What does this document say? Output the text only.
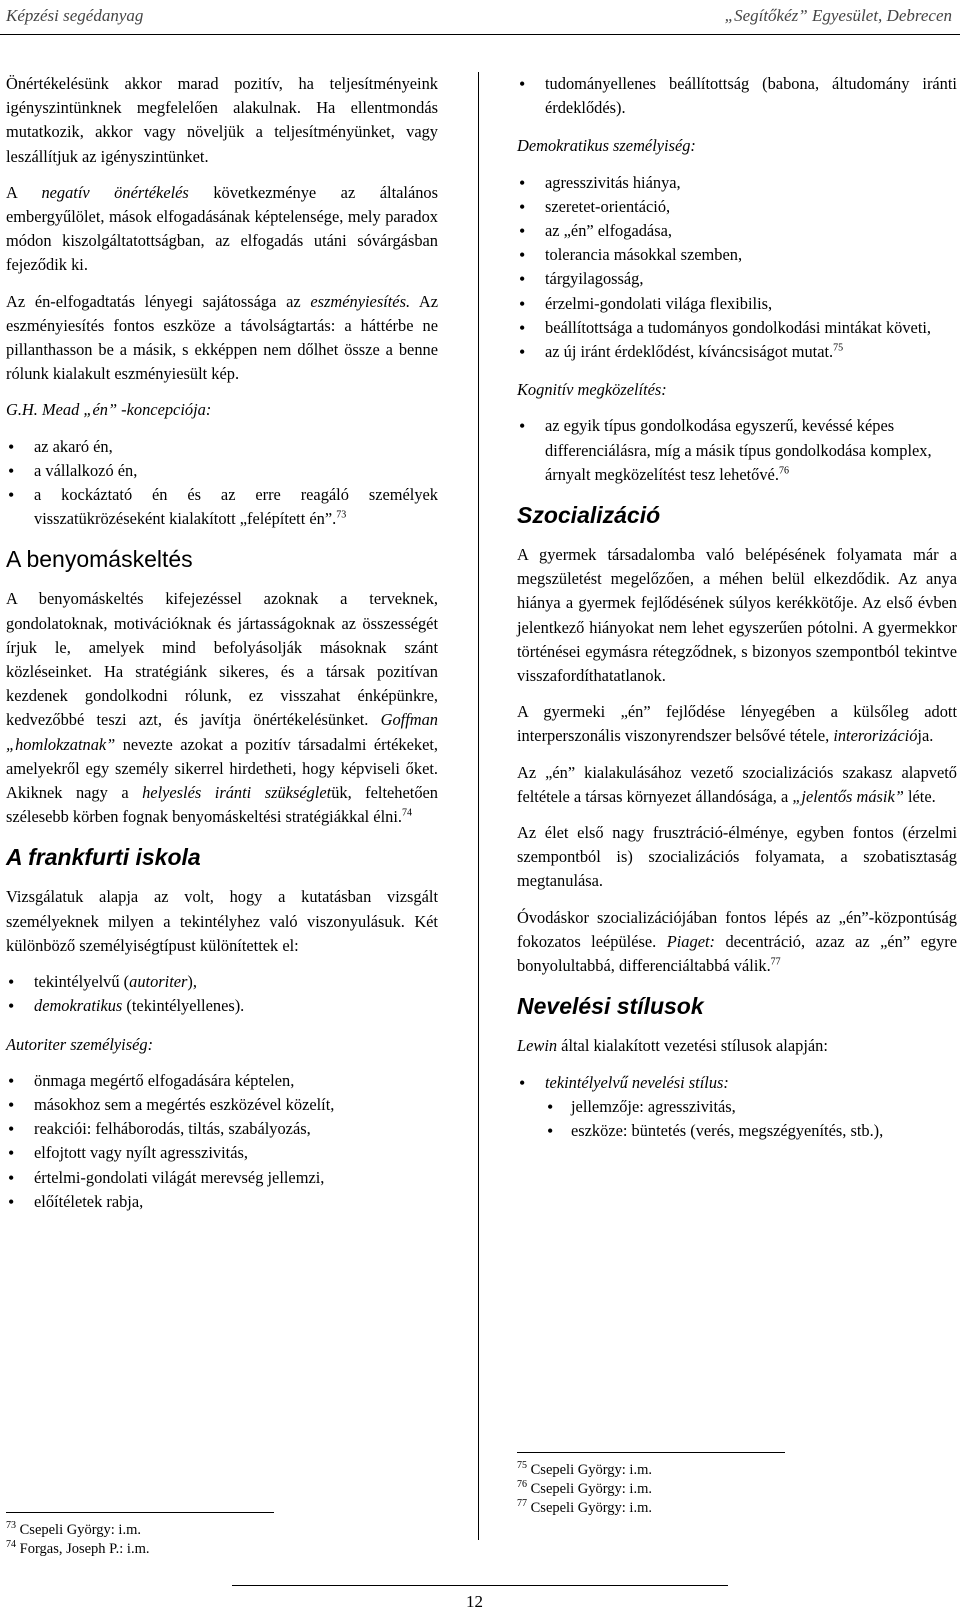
Képzési segédanyag	„Segítőkéz” Egyesület, Debrecen

Önértékelésünk akkor marad pozitív, ha teljesítményeink igényszintünknek megfelelően alakulnak. Ha ellentmondás mutatkozik, akkor vagy növeljük a teljesítményünket, vagy leszállítjuk az igényszintünket.

A negatív önértékelés következménye az általános embergyűlölet, mások elfogadásának képtelensége, mely paradox módon kiszolgáltatottságban, az elfogadás utáni sóvárgásban fejeződik ki.

Az én-elfogadtatás lényegi sajátossága az eszményiesítés. Az eszményiesítés fontos eszköze a távolságtartás: a háttérbe ne pillanthasson be a másik, s ekképpen nem dőlhet össze a benne rólunk kialakult eszményiesült kép.

G.H. Mead „én” -koncepciója:

• az akaró én,
• a vállalkozó én,
• a kockáztató én és az erre reagáló személyek visszatükrözéseként kialakított „felépített én”.$^{73}$
A benyomáskeltés

A benyomáskeltés kifejezéssel azoknak a terveknek, gondolatoknak, motivációknak és jártasságoknak az összességét írjuk le, amelyek mind befolyásolják másoknak szánt közléseinket. Ha stratégiánk sikeres, és a társak pozitívan kezdenek gondolkodni rólunk, ez visszahat énképünkre, kedvezőbbé teszi azt, és javítja önértékelésünket. Goffman „homlokzatnak” nevezte azokat a pozitív társadalmi értékeket, amelyekről egy személy sikerrel hirdetheti, hogy képviseli őket. Akiknek nagy a helyeslés iránti szükségletük, feltehetően szélesebb körben fognak benyomáskeltési stratégiákkal élni.$^{74}$

A frankfurti iskola

Vizsgálatuk alapja az volt, hogy a kutatásban vizsgált személyeknek milyen a tekintélyhez való viszonyulásuk. Két különböző személyiségtípust különítettek el:

• tekintélyelvű (autoriter),
• demokratikus (tekintélyellenes).

Autoriter személyiség:

• önmaga megértő elfogadására képtelen,
• másokhoz sem a megértés eszközével közelít,
• reakciói: felháborodás, tiltás, szabályozás,
• elfojtott vagy nyílt agresszivitás,
• értelmi-gondolati világát merevség jellemzi,
• előítéletek rabja,
$^{73}$ Csepeli György: i.m.
$^{74}$ Forgas, Joseph P.: i.m.
• tudományellenes beállítottság (babona, áltudomány iránti érdeklődés).

Demokratikus személyiség:

• agresszivitás hiánya,
• szeretet-orientáció,
• az „én” elfogadása,
• tolerancia másokkal szemben,
• tárgyilagosság,
• érzelmi-gondolati világa flexibilis,
• beállítottsága a tudományos gondolkodási mintákat követi,
• az új iránt érdeklődést, kíváncsiságot mutat.$^{75}$

Kognitív megközelítés:

• az egyik típus gondolkodása egyszerű, kevéssé képes differenciálásra, míg a másik típus gondolkodása komplex, árnyalt megközelítést tesz lehetővé.$^{76}$
Szocializáció

A gyermek társadalomba való belépésének folyamata már a megszületést megelőzően, a méhen belül elkezdődik. Az anya hiánya a gyermek fejlődésének súlyos kerékkötője. Az első évben jelentkező hiányokat nem lehet egyszerűen pótolni. A gyermekkor történései egymásra rétegződnek, s bizonyos szempontból tekintve visszafordíthatatlanok.

A gyermeki „én” fejlődése lényegében a külsőleg adott interperszonális viszonyrendszer belsővé tétele, interorizációja.

Az „én” kialakulásához vezető szocializációs szakasz alapvető feltétele a társas környezet állandósága, a „jelentős másik” léte.

Az élet első nagy frusztráció-élménye, egyben fontos (érzelmi szempontból is) szocializációs folyamata, a szobatisztaság megtanulása.

Óvodáskor szocializációjában fontos lépés az „én”-központúság fokozatos leépülése. Piaget: decentráció, azaz az „én” egyre bonyolultabbá, differenciáltabbá válik.$^{77}$

Nevelési stílusok

Lewin által kialakított vezetési stílusok alapján:

• tekintélyelvű nevelési stílus:
• jellemzője: agresszivitás,
• eszköze: büntetés (verés, megszégyenítés, stb.),
$^{75}$ Csepeli György: i.m.
$^{76}$ Csepeli György: i.m.
$^{77}$ Csepeli György: i.m.
12
